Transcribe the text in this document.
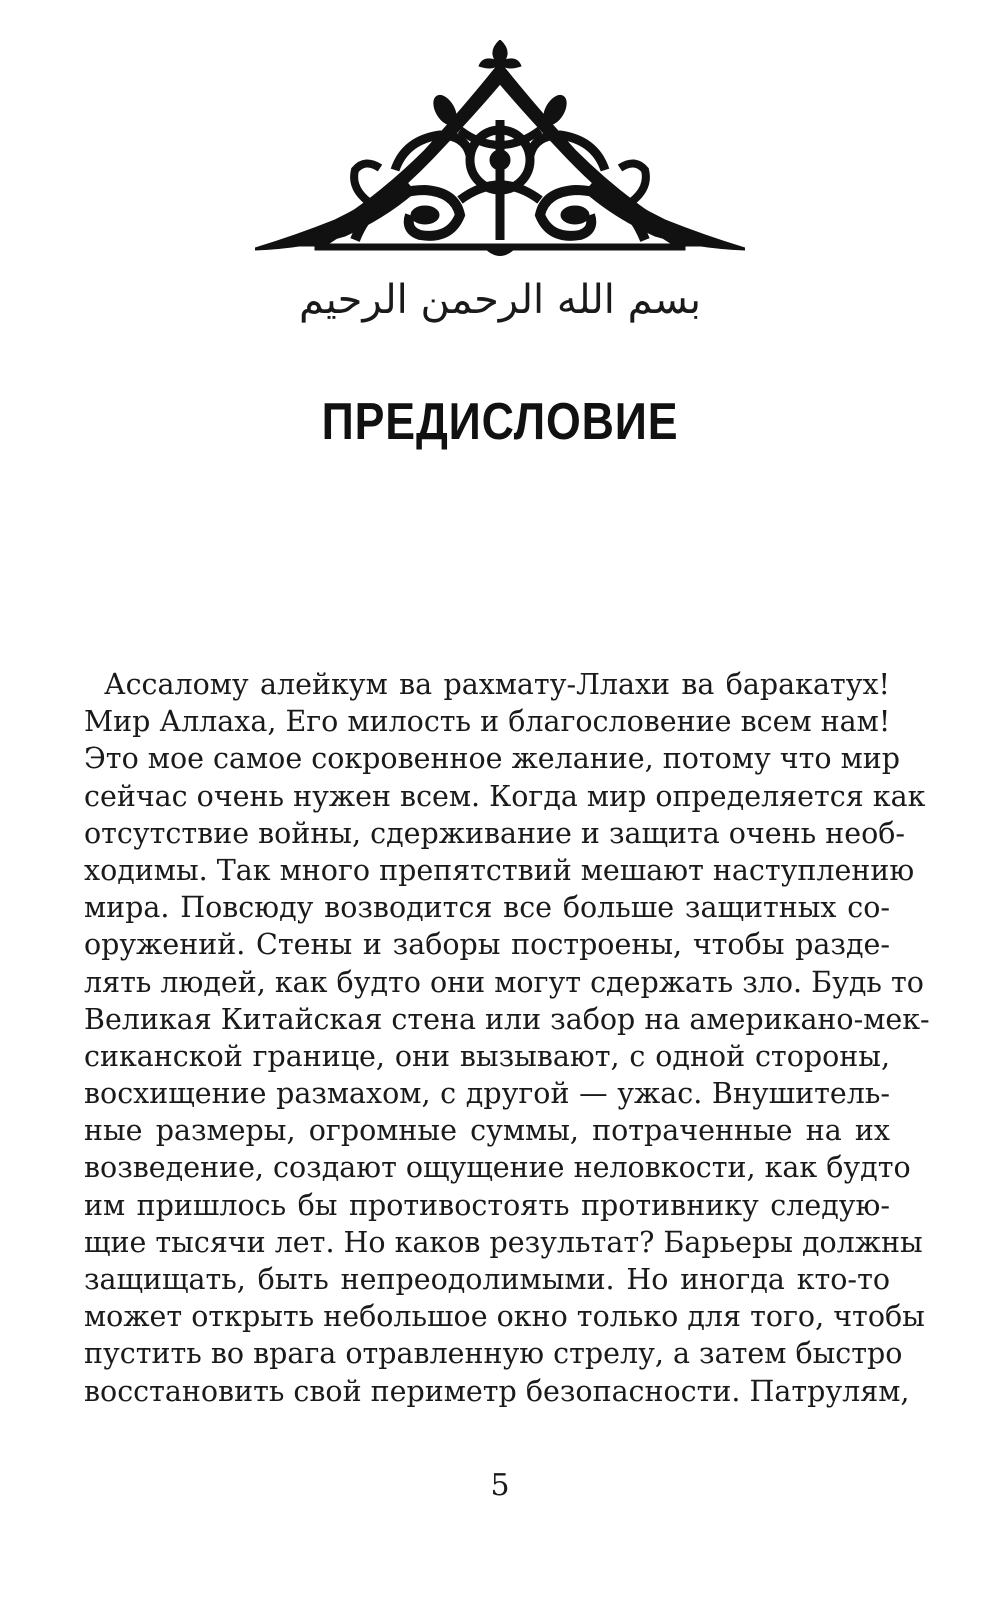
بسم الله الرحمن الرحيم
ПРЕДИСЛОВИЕ
Ассалому алейкум ва рахмату-Ллахи ва баракатух!
Мир Аллаха, Его милость и благословение всем нам!
Это мое самое сокровенное желание, потому что мир
сейчас очень нужен всем. Когда мир определяется как
отсутствие войны, сдерживание и защита очень необ-
ходимы. Так много препятствий мешают наступлению
мира. Повсюду возводится все больше защитных со-
оружений. Стены и заборы построены, чтобы разде-
лять людей, как будто они могут сдержать зло. Будь то
Великая Китайская стена или забор на американо-мек-
сиканской границе, они вызывают, с одной стороны,
восхищение размахом, с другой — ужас. Внушитель-
ные размеры, огромные суммы, потраченные на их
возведение, создают ощущение неловкости, как будто
им пришлось бы противостоять противнику следую-
щие тысячи лет. Но каков результат? Барьеры должны
защищать, быть непреодолимыми. Но иногда кто-то
может открыть небольшое окно только для того, чтобы
пустить во врага отравленную стрелу, а затем быстро
восстановить свой периметр безопасности. Патрулям,
5
